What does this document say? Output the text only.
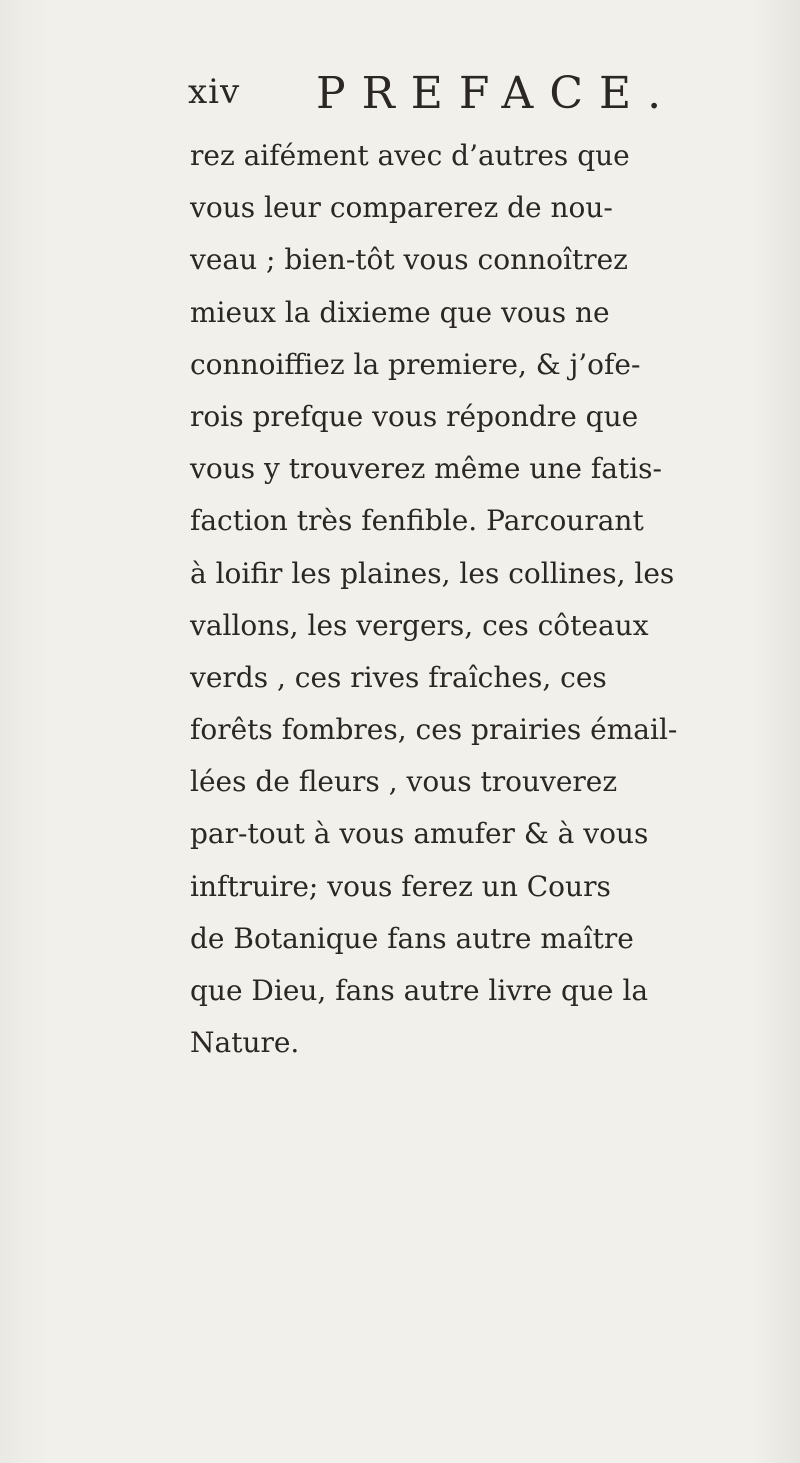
xiv PREFACE.
rez aifément avec d’autres que
vous leur comparerez de nou-
veau ; bien-tôt vous connoîtrez
mieux la dixieme que vous ne
connoiffiez la premiere, & j’ofe-
rois prefque vous répondre que
vous y trouverez même une fatis-
faction très fenfible. Parcourant
à loifir les plaines, les collines, les
vallons, les vergers, ces côteaux
verds , ces rives fraîches, ces
forêts fombres, ces prairies émail-
lées de fleurs , vous trouverez
par-tout à vous amufer & à vous
inftruire; vous ferez un Cours
de Botanique fans autre maître
que Dieu, fans autre livre que la
Nature.
